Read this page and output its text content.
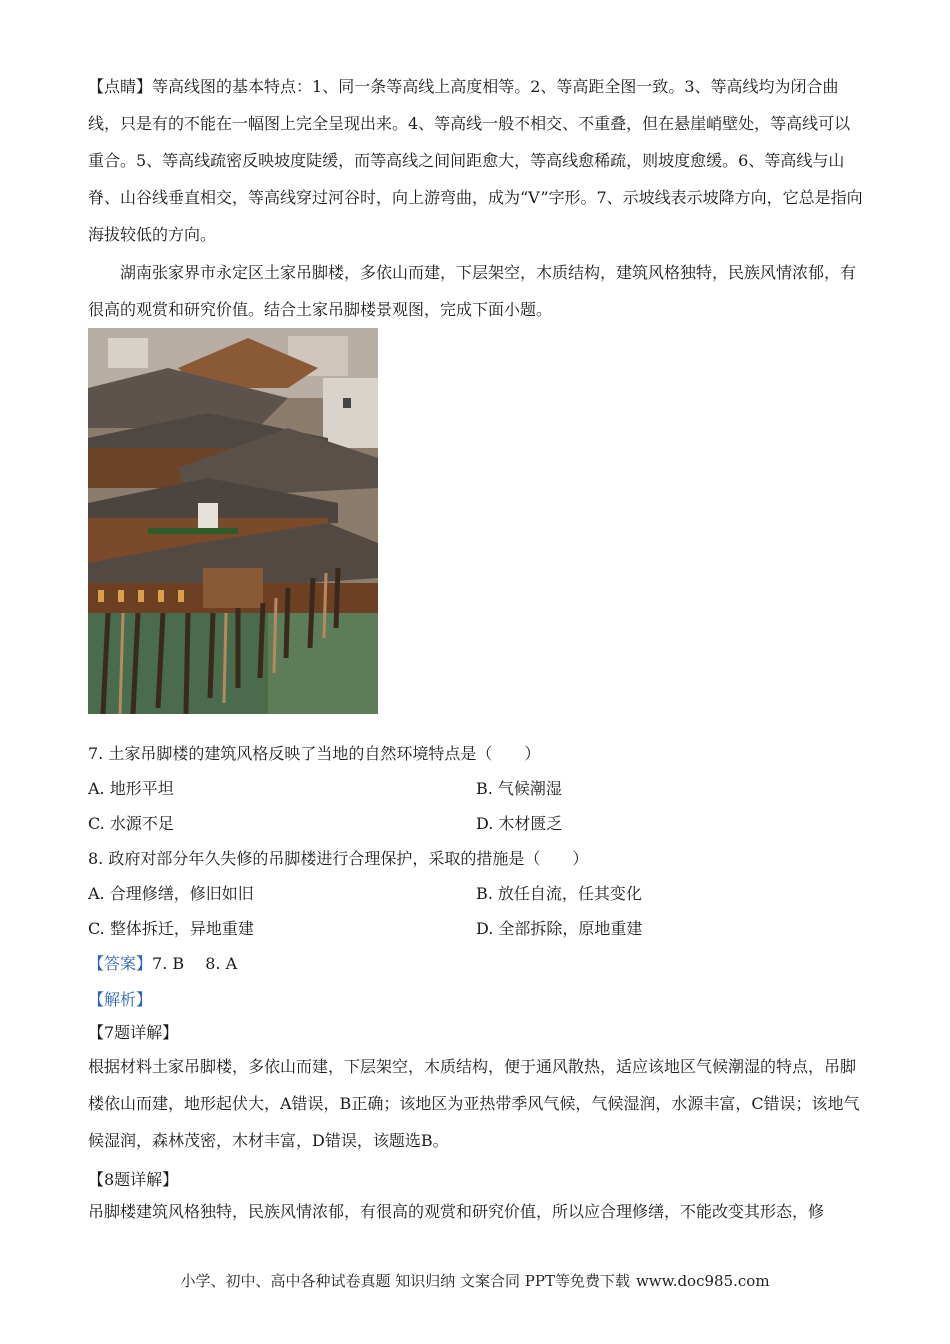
【点睛】等高线图的基本特点：1、同一条等高线上高度相等。2、等高距全图一致。3、等高线均为闭合曲线，只是有的不能在一幅图上完全呈现出来。4、等高线一般不相交、不重叠，但在悬崖峭壁处，等高线可以重合。5、等高线疏密反映坡度陡缓，而等高线之间间距愈大，等高线愈稀疏，则坡度愈缓。6、等高线与山脊、山谷线垂直相交，等高线穿过河谷时，向上游弯曲，成为“V”字形。7、示坡线表示坡降方向，它总是指向海拔较低的方向。

湖南张家界市永定区土家吊脚楼，多依山而建，下层架空，木质结构，建筑风格独特，民族风情浓郁，有很高的观赏和研究价值。结合土家吊脚楼景观图，完成下面小题。

7. 土家吊脚楼的建筑风格反映了当地的自然环境特点是（　　）

A. 地形平坦	B. 气候潮湿
C. 水源不足	D. 木材匮乏

8. 政府对部分年久失修的吊脚楼进行合理保护，采取的措施是（　　）

A. 合理修缮，修旧如旧	B. 放任自流，任其变化
C. 整体拆迁，异地重建	D. 全部拆除，原地重建

【答案】7. B　 8. A

【解析】

【7题详解】

根据材料土家吊脚楼，多依山而建，下层架空，木质结构，便于通风散热，适应该地区气候潮湿的特点，吊脚楼依山而建，地形起伏大，A错误，B正确；该地区为亚热带季风气候，气候湿润，水源丰富，C错误；该地气候湿润，森林茂密，木材丰富，D错误，该题选B。

【8题详解】

吊脚楼建筑风格独特，民族风情浓郁，有很高的观赏和研究价值，所以应合理修缮，不能改变其形态，修

小学、初中、高中各种试卷真题 知识归纳 文案合同 PPT等免费下载 www.doc985.com
